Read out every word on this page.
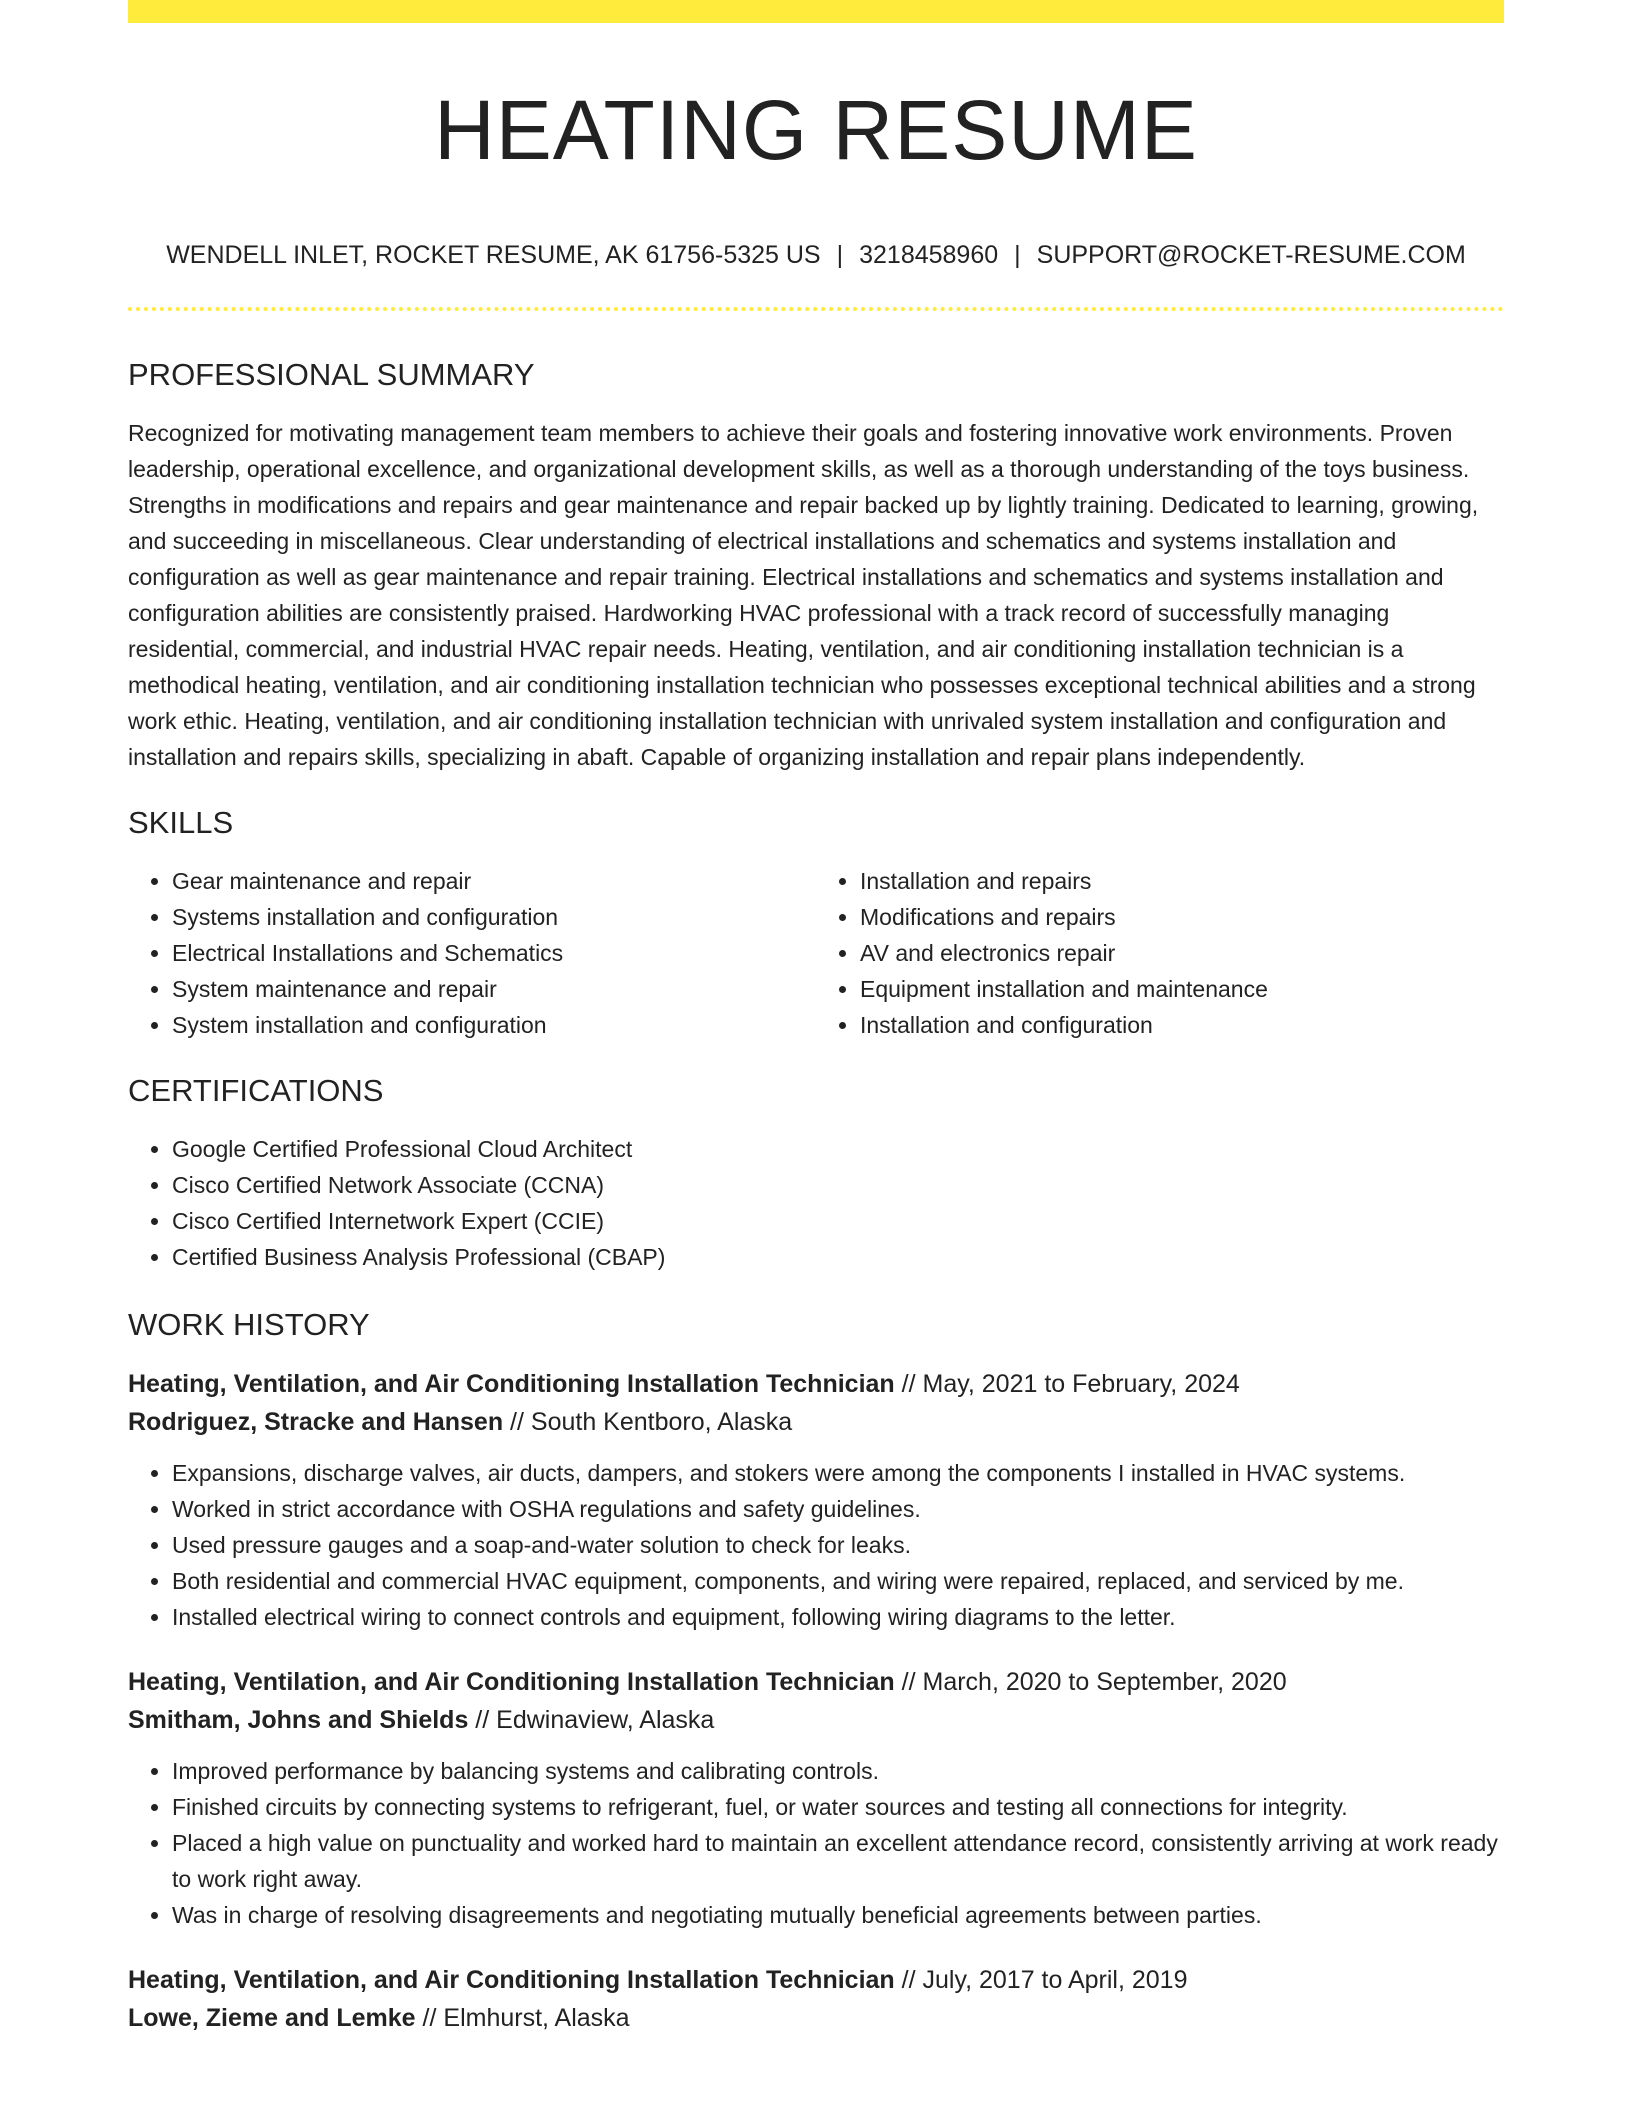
HEATING RESUME
WENDELL INLET, ROCKET RESUME, AK 61756-5325 US | 3218458960 | SUPPORT@ROCKET-RESUME.COM
PROFESSIONAL SUMMARY

Recognized for motivating management team members to achieve their goals and fostering innovative work environments. Proven leadership, operational excellence, and organizational development skills, as well as a thorough understanding of the toys business. Strengths in modifications and repairs and gear maintenance and repair backed up by lightly training. Dedicated to learning, growing, and succeeding in miscellaneous. Clear understanding of electrical installations and schematics and systems installation and configuration as well as gear maintenance and repair training. Electrical installations and schematics and systems installation and configuration abilities are consistently praised. Hardworking HVAC professional with a track record of successfully managing residential, commercial, and industrial HVAC repair needs. Heating, ventilation, and air conditioning installation technician is a methodical heating, ventilation, and air conditioning installation technician who possesses exceptional technical abilities and a strong work ethic. Heating, ventilation, and air conditioning installation technician with unrivaled system installation and configuration and installation and repairs skills, specializing in abaft. Capable of organizing installation and repair plans independently.

SKILLS
• Gear maintenance and repair
• Systems installation and configuration
• Electrical Installations and Schematics
• System maintenance and repair
• System installation and configuration
• Installation and repairs
• Modifications and repairs
• AV and electronics repair
• Equipment installation and maintenance
• Installation and configuration
CERTIFICATIONS
• Google Certified Professional Cloud Architect
• Cisco Certified Network Associate (CCNA)
• Cisco Certified Internetwork Expert (CCIE)
• Certified Business Analysis Professional (CBAP)
WORK HISTORY
Heating, Ventilation, and Air Conditioning Installation Technician // May, 2021 to February, 2024
Rodriguez, Stracke and Hansen // South Kentboro, Alaska
• Expansions, discharge valves, air ducts, dampers, and stokers were among the components I installed in HVAC systems.
• Worked in strict accordance with OSHA regulations and safety guidelines.
• Used pressure gauges and a soap-and-water solution to check for leaks.
• Both residential and commercial HVAC equipment, components, and wiring were repaired, replaced, and serviced by me.
• Installed electrical wiring to connect controls and equipment, following wiring diagrams to the letter.
Heating, Ventilation, and Air Conditioning Installation Technician // March, 2020 to September, 2020
Smitham, Johns and Shields // Edwinaview, Alaska
• Improved performance by balancing systems and calibrating controls.
• Finished circuits by connecting systems to refrigerant, fuel, or water sources and testing all connections for integrity.
• Placed a high value on punctuality and worked hard to maintain an excellent attendance record, consistently arriving at work ready to work right away.
• Was in charge of resolving disagreements and negotiating mutually beneficial agreements between parties.
Heating, Ventilation, and Air Conditioning Installation Technician // July, 2017 to April, 2019
Lowe, Zieme and Lemke // Elmhurst, Alaska
